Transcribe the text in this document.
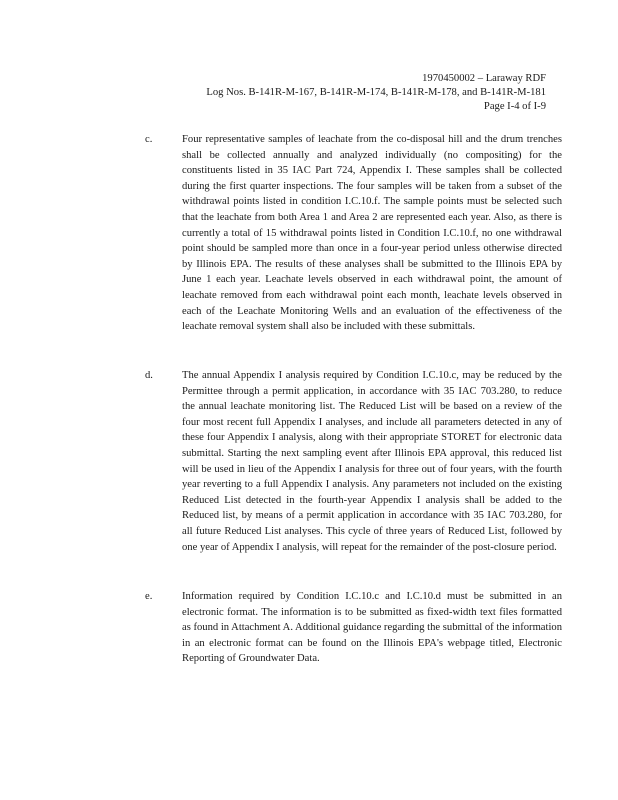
1970450002 – Laraway RDF
Log Nos. B-141R-M-167, B-141R-M-174, B-141R-M-178, and B-141R-M-181
Page I-4 of I-9
c.	Four representative samples of leachate from the co-disposal hill and the drum trenches shall be collected annually and analyzed individually (no compositing) for the constituents listed in 35 IAC Part 724, Appendix I. These samples shall be collected during the first quarter inspections. The four samples will be taken from a subset of the withdrawal points listed in condition I.C.10.f. The sample points must be selected such that the leachate from both Area 1 and Area 2 are represented each year. Also, as there is currently a total of 15 withdrawal points listed in Condition I.C.10.f, no one withdrawal point should be sampled more than once in a four-year period unless otherwise directed by Illinois EPA. The results of these analyses shall be submitted to the Illinois EPA by June 1 each year. Leachate levels observed in each withdrawal point, the amount of leachate removed from each withdrawal point each month, leachate levels observed in each of the Leachate Monitoring Wells and an evaluation of the effectiveness of the leachate removal system shall also be included with these submittals.

d.	The annual Appendix I analysis required by Condition I.C.10.c, may be reduced by the Permittee through a permit application, in accordance with 35 IAC 703.280, to reduce the annual leachate monitoring list. The Reduced List will be based on a review of the four most recent full Appendix I analyses, and include all parameters detected in any of these four Appendix I analysis, along with their appropriate STORET for electronic data submittal. Starting the next sampling event after Illinois EPA approval, this reduced list will be used in lieu of the Appendix I analysis for three out of four years, with the fourth year reverting to a full Appendix I analysis. Any parameters not included on the existing Reduced List detected in the fourth-year Appendix I analysis shall be added to the Reduced list, by means of a permit application in accordance with 35 IAC 703.280, for all future Reduced List analyses. This cycle of three years of Reduced List, followed by one year of Appendix I analysis, will repeat for the remainder of the post-closure period.

e.	Information required by Condition I.C.10.c and I.C.10.d must be submitted in an electronic format. The information is to be submitted as fixed-width text files formatted as found in Attachment A. Additional guidance regarding the submittal of the information in an electronic format can be found on the Illinois EPA's webpage titled, Electronic Reporting of Groundwater Data.
